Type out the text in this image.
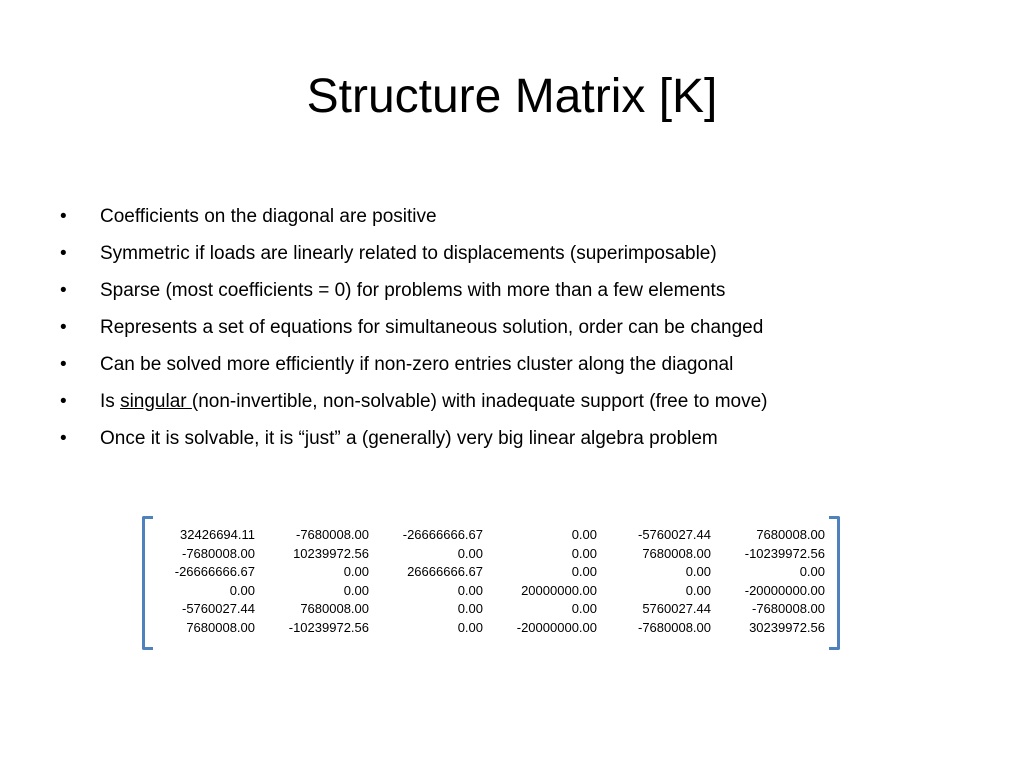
Structure Matrix [K]
• Coefficients on the diagonal are positive
• Symmetric if loads are linearly related to displacements (superimposable)
• Sparse (most coefficients = 0) for problems with more than a few elements
• Represents a set of equations for simultaneous solution, order can be changed
• Can be solved more efficiently if non-zero entries cluster along the diagonal
• Is singular (non-invertible, non-solvable) with inadequate support (free to move)
• Once it is solvable, it is “just” a (generally) very big linear algebra problem
32426694.11	-7680008.00	-26666666.67	0.00	-5760027.44	7680008.00
-7680008.00	10239972.56	0.00	0.00	7680008.00	-10239972.56
-26666666.67	0.00	26666666.67	0.00	0.00	0.00
0.00	0.00	0.00	20000000.00	0.00	-20000000.00
-5760027.44	7680008.00	0.00	0.00	5760027.44	-7680008.00
7680008.00	-10239972.56	0.00	-20000000.00	-7680008.00	30239972.56
